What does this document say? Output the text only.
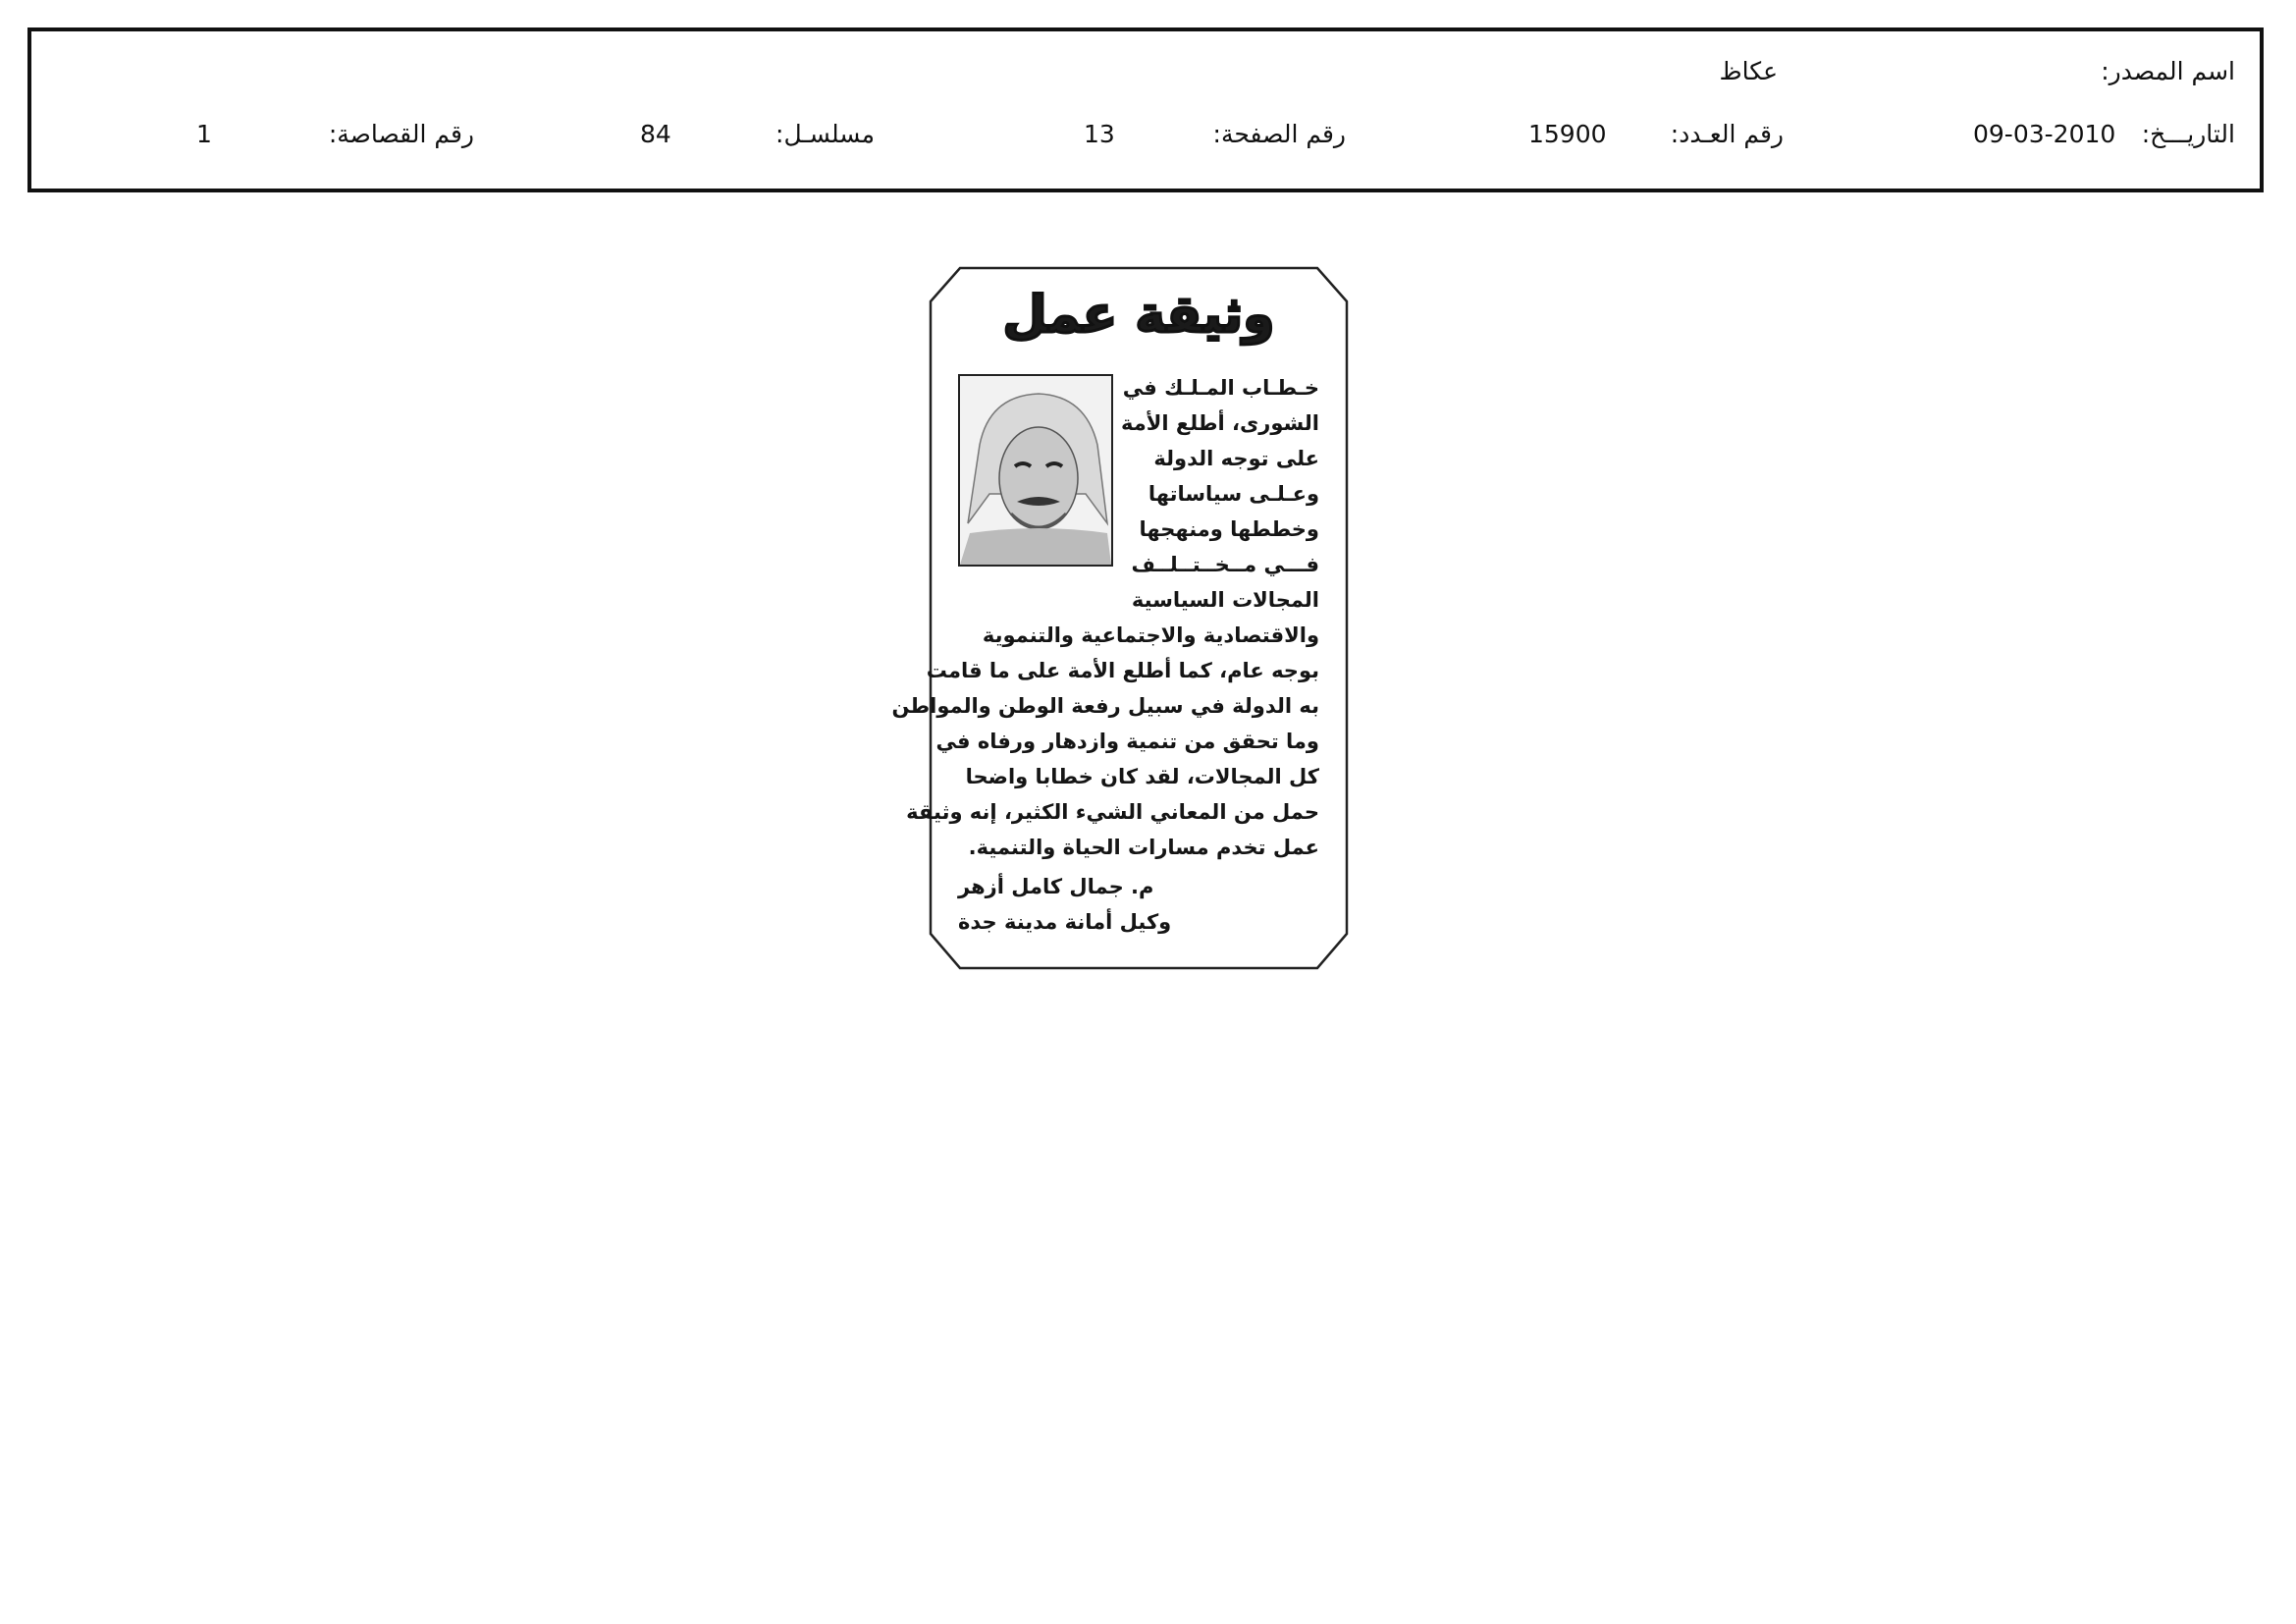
اسم المصدر:
عكاظ
التاريـــخ:
09-03-2010
رقم العـدد:
15900
رقم الصفحة:
13
مسلسـل:
84
رقم القصاصة:
1
وثيقة عمل
خـطـاب المـلـك في
الشورى، أطلع الأمة
على توجه الدولة
وعـلـى سياساتها
وخططها ومنهجها
فـــي مــخــتــلــف
المجالات السياسية
والاقتصادية والاجتماعية والتنموية
بوجه عام، كما أطلع الأمة على ما قامت
به الدولة في سبيل رفعة الوطن والمواطن
وما تحقق من تنمية وازدهار ورفاه في
كل المجالات، لقد كان خطابا واضحا
حمل من المعاني الشيء الكثير، إنه وثيقة
عمل تخدم مسارات الحياة والتنمية.
م. جمال كامل أزهر
وكيل أمانة مدينة جدة
